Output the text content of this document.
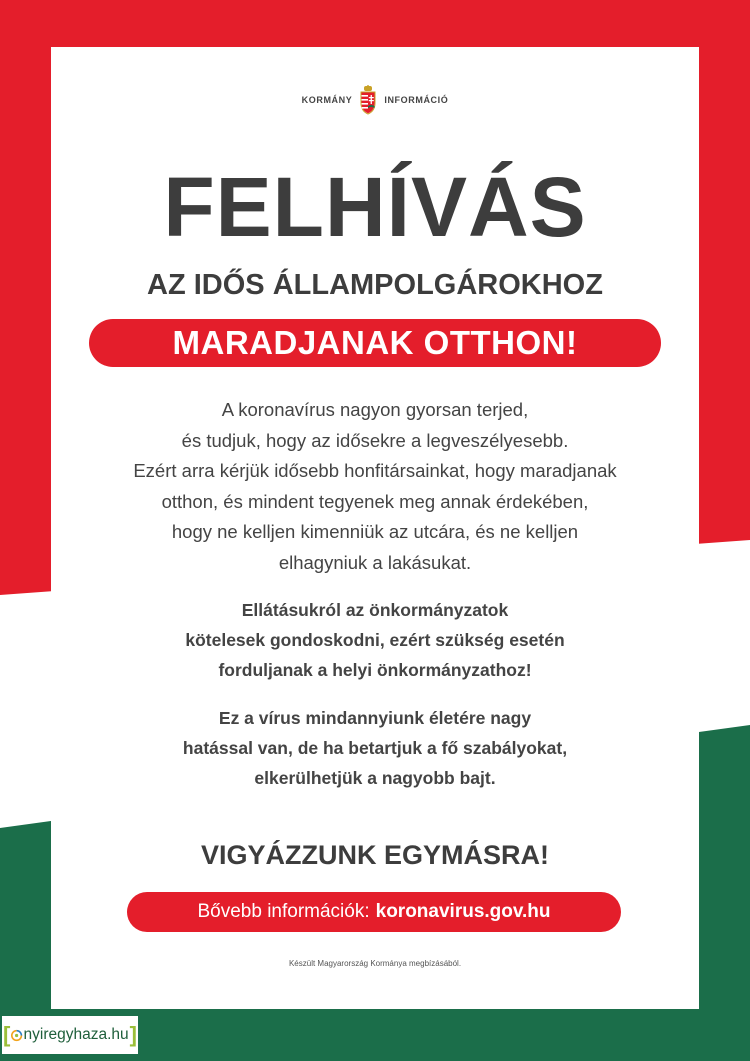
KORMÁNY	INFORMÁCIÓ
FELHÍVÁS
AZ IDŐS ÁLLAMPOLGÁROKHOZ
MARADJANAK OTTHON!

A koronavírus nagyon gyorsan terjed,
és tudjuk, hogy az idősekre a legveszélyesebb.
Ezért arra kérjük idősebb honfitársainkat, hogy maradjanak
otthon, és mindent tegyenek meg annak érdekében,
hogy ne kelljen kimenniük az utcára, és ne kelljen
elhagyniuk a lakásukat.

Ellátásukról az önkormányzatok
kötelesek gondoskodni, ezért szükség esetén
forduljanak a helyi önkormányzathoz!

Ez a vírus mindannyiunk életére nagy
hatással van, de ha betartjuk a fő szabályokat,
elkerülhetjük a nagyobb bajt.

VIGYÁZZUNK EGYMÁSRA!
Bővebb információk: koronavirus.gov.hu
Készült Magyarország Kormánya megbízásából.
[ nyiregyhaza.hu ]
